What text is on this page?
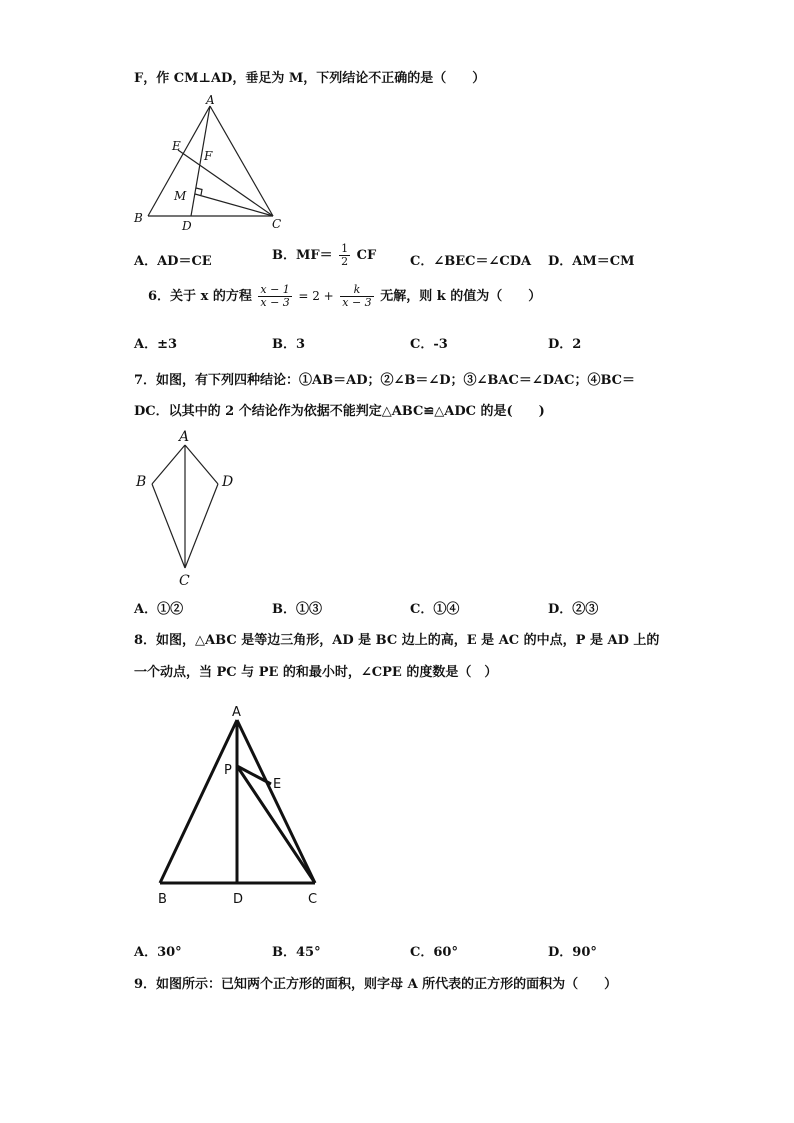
F，作 CM⊥AD，垂足为 M，下列结论不正确的是（　　）
A
E
F
M
B
D	C
A．AD＝CE	B．$MF= \frac{1}{2}$ CF	C．∠BEC＝∠CDA D．AM＝CM
6．关于 x 的方程 $\frac{x - 1}{x - 3} = 2 + \frac{k}{x - 3}$ 无解，则 k 的值为（　　）
A．±3	B．3	C．-3	D．2
7．如图，有下列四种结论：①AB＝AD；②∠B＝∠D；③∠BAC＝∠DAC；④BC＝
DC．以其中的 2 个结论作为依据不能判定△ABC≌△ADC 的是(　　)
A
B	D
C
A．①②	B．①③	C．①④	D．②③
8．如图，△ABC 是等边三角形，AD 是 BC 边上的高，E 是 AC 的中点，P 是 AD 上的
一个动点，当 PC 与 PE 的和最小时，∠CPE 的度数是（　）
A
P
E
B	D	C
A．30°	B．45°	C．60°	D．90°
9．如图所示：已知两个正方形的面积，则字母 A 所代表的正方形的面积为（　　）
